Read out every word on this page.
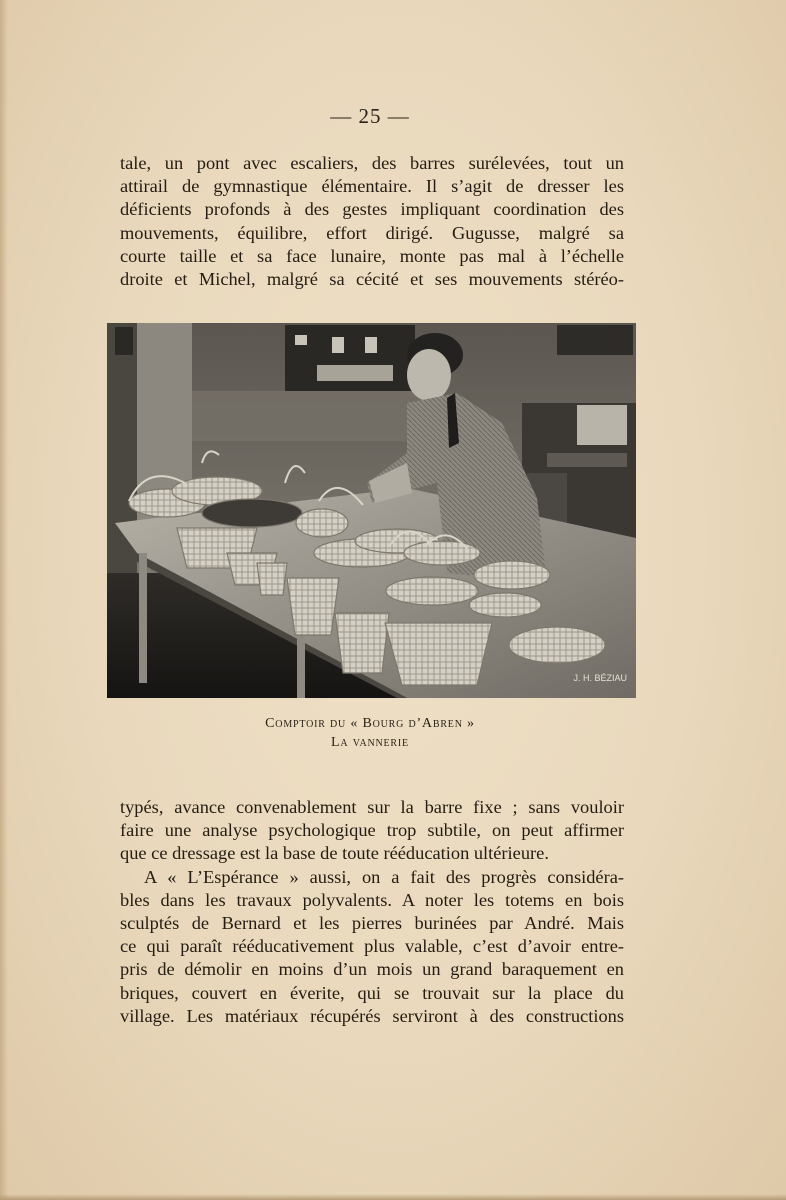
— 25 —

tale, un pont avec escaliers, des barres surélevées, tout un

attirail de gymnastique élémentaire. Il s’agit de dresser les

déficients profonds à des gestes impliquant coordination des

mouvements, équilibre, effort dirigé. Gugusse, malgré sa

courte taille et sa face lunaire, monte pas mal à l’échelle

droite et Michel, malgré sa cécité et ses mouvements stéréo-

J. H. BÉZIAU
Comptoir du « Bourg d’Abren »
La vannerie

typés, avance convenablement sur la barre fixe ; sans vouloir

faire une analyse psychologique trop subtile, on peut affirmer

que ce dressage est la base de toute rééducation ultérieure.

A « L’Espérance » aussi, on a fait des progrès considéra-

bles dans les travaux polyvalents. A noter les totems en bois

sculptés de Bernard et les pierres burinées par André. Mais

ce qui paraît rééducativement plus valable, c’est d’avoir entre-

pris de démolir en moins d’un mois un grand baraquement en

briques, couvert en éverite, qui se trouvait sur la place du

village. Les matériaux récupérés serviront à des constructions
